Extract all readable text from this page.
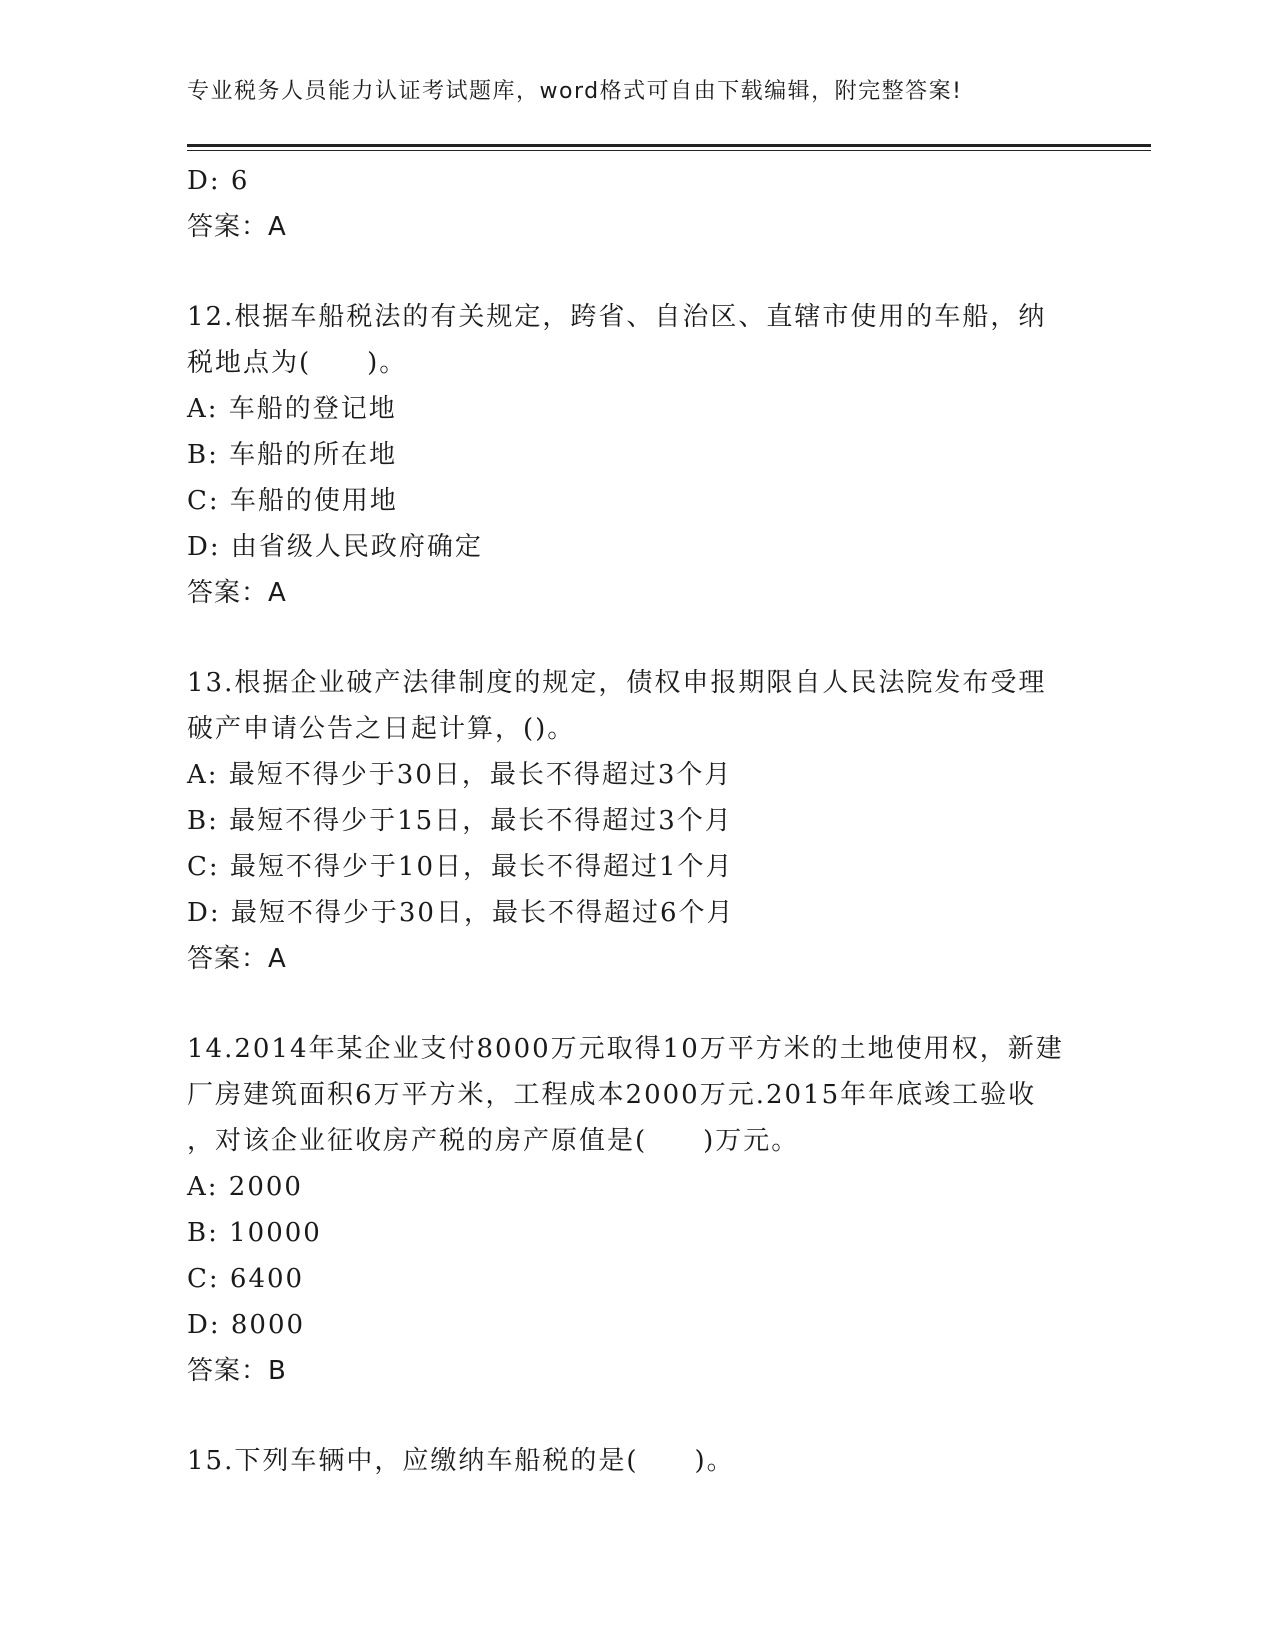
专业税务人员能力认证考试题库，word格式可自由下载编辑，附完整答案!
D: 6
答案：A
12.根据车船税法的有关规定，跨省、自治区、直辖市使用的车船，纳
税地点为(　　)。
A: 车船的登记地
B: 车船的所在地
C: 车船的使用地
D: 由省级人民政府确定
答案：A
13.根据企业破产法律制度的规定，债权申报期限自人民法院发布受理
破产申请公告之日起计算，()。
A: 最短不得少于30日，最长不得超过3个月
B: 最短不得少于15日，最长不得超过3个月
C: 最短不得少于10日，最长不得超过1个月
D: 最短不得少于30日，最长不得超过6个月
答案：A
14.2014年某企业支付8000万元取得10万平方米的土地使用权，新建
厂房建筑面积6万平方米，工程成本2000万元.2015年年底竣工验收
，对该企业征收房产税的房产原值是(　　)万元。
A: 2000
B: 10000
C: 6400
D: 8000
答案：B
15.下列车辆中，应缴纳车船税的是(　　)。
